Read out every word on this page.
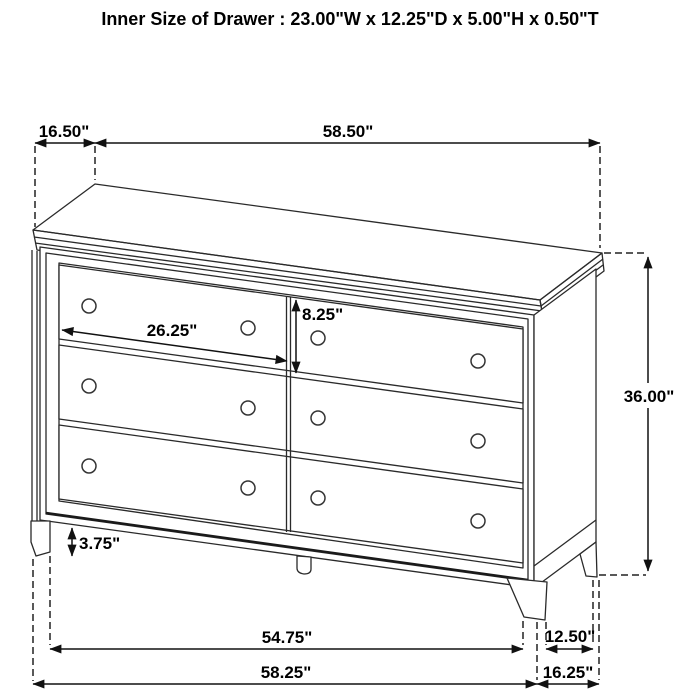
16.50"	58.50"
36.00"
26.25"
8.25"
3.75"
54.75"	12.50"
58.25"	16.25"
Inner Size of Drawer : 23.00"W x 12.25"D x 5.00"H x 0.50"T
